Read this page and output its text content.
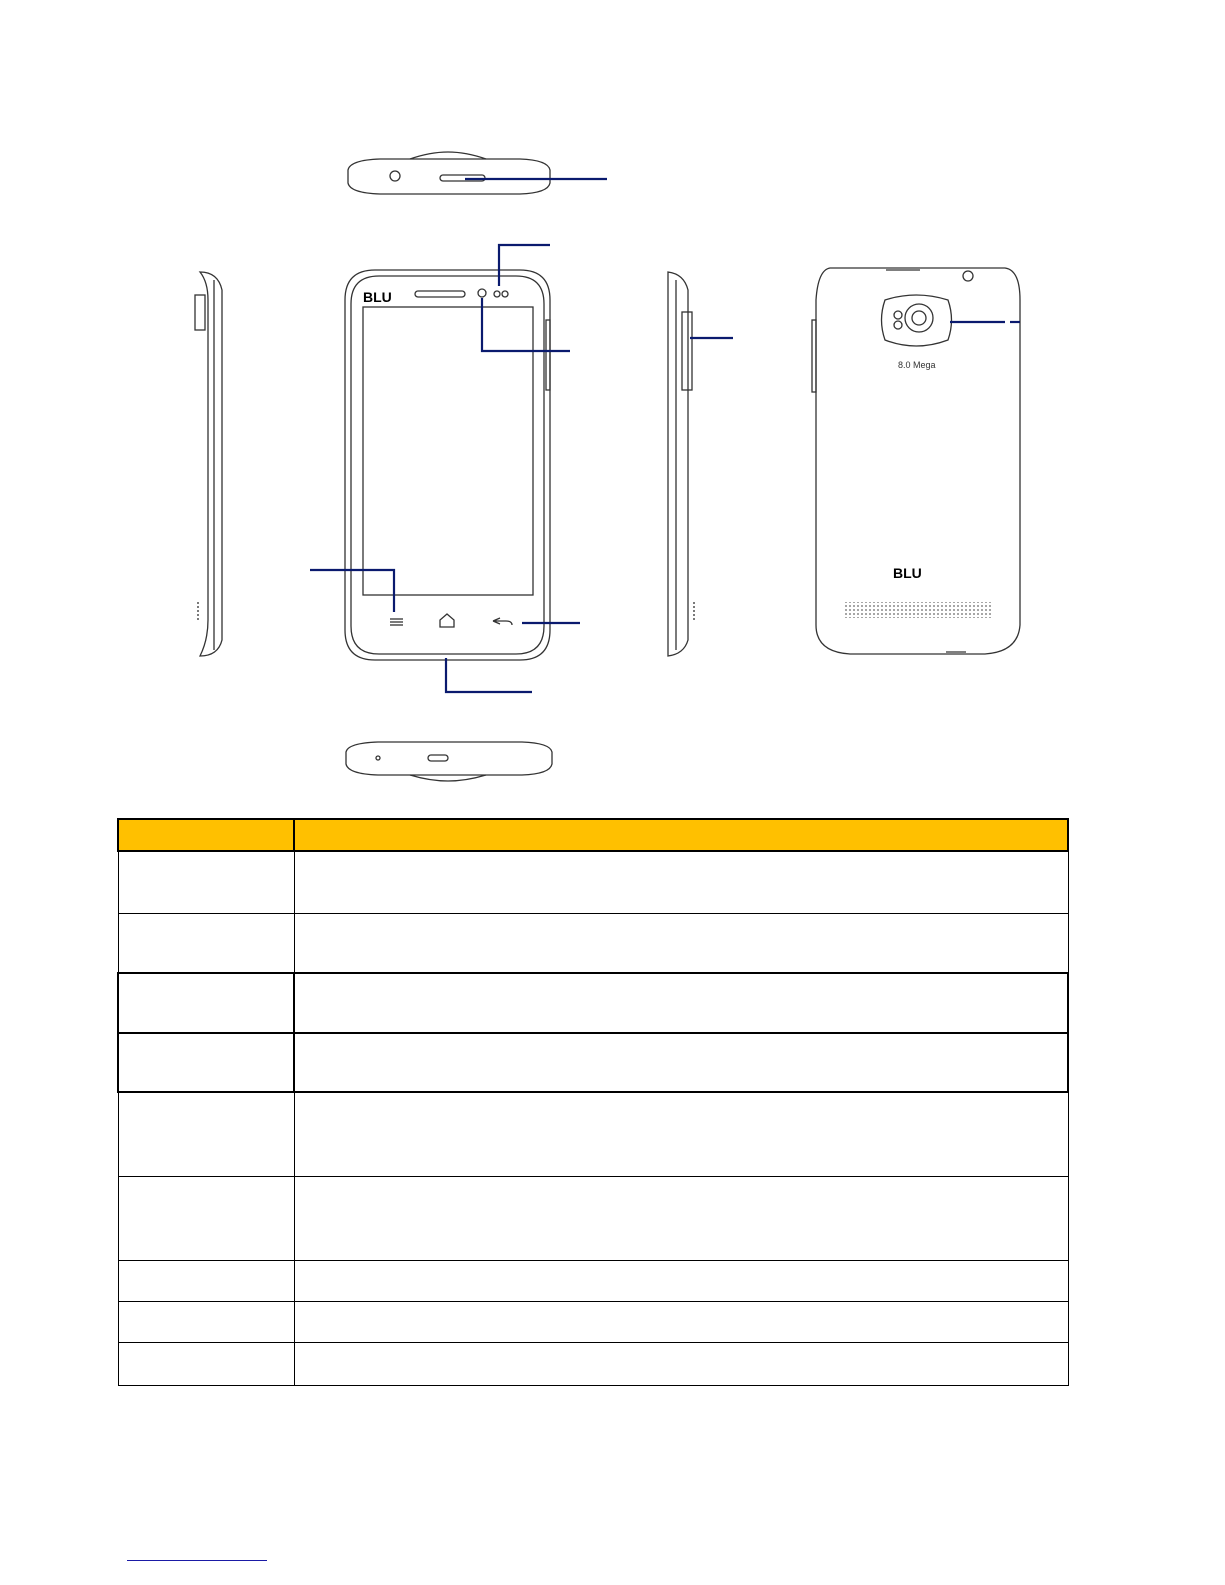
BLU
BLU
8.0 Mega
